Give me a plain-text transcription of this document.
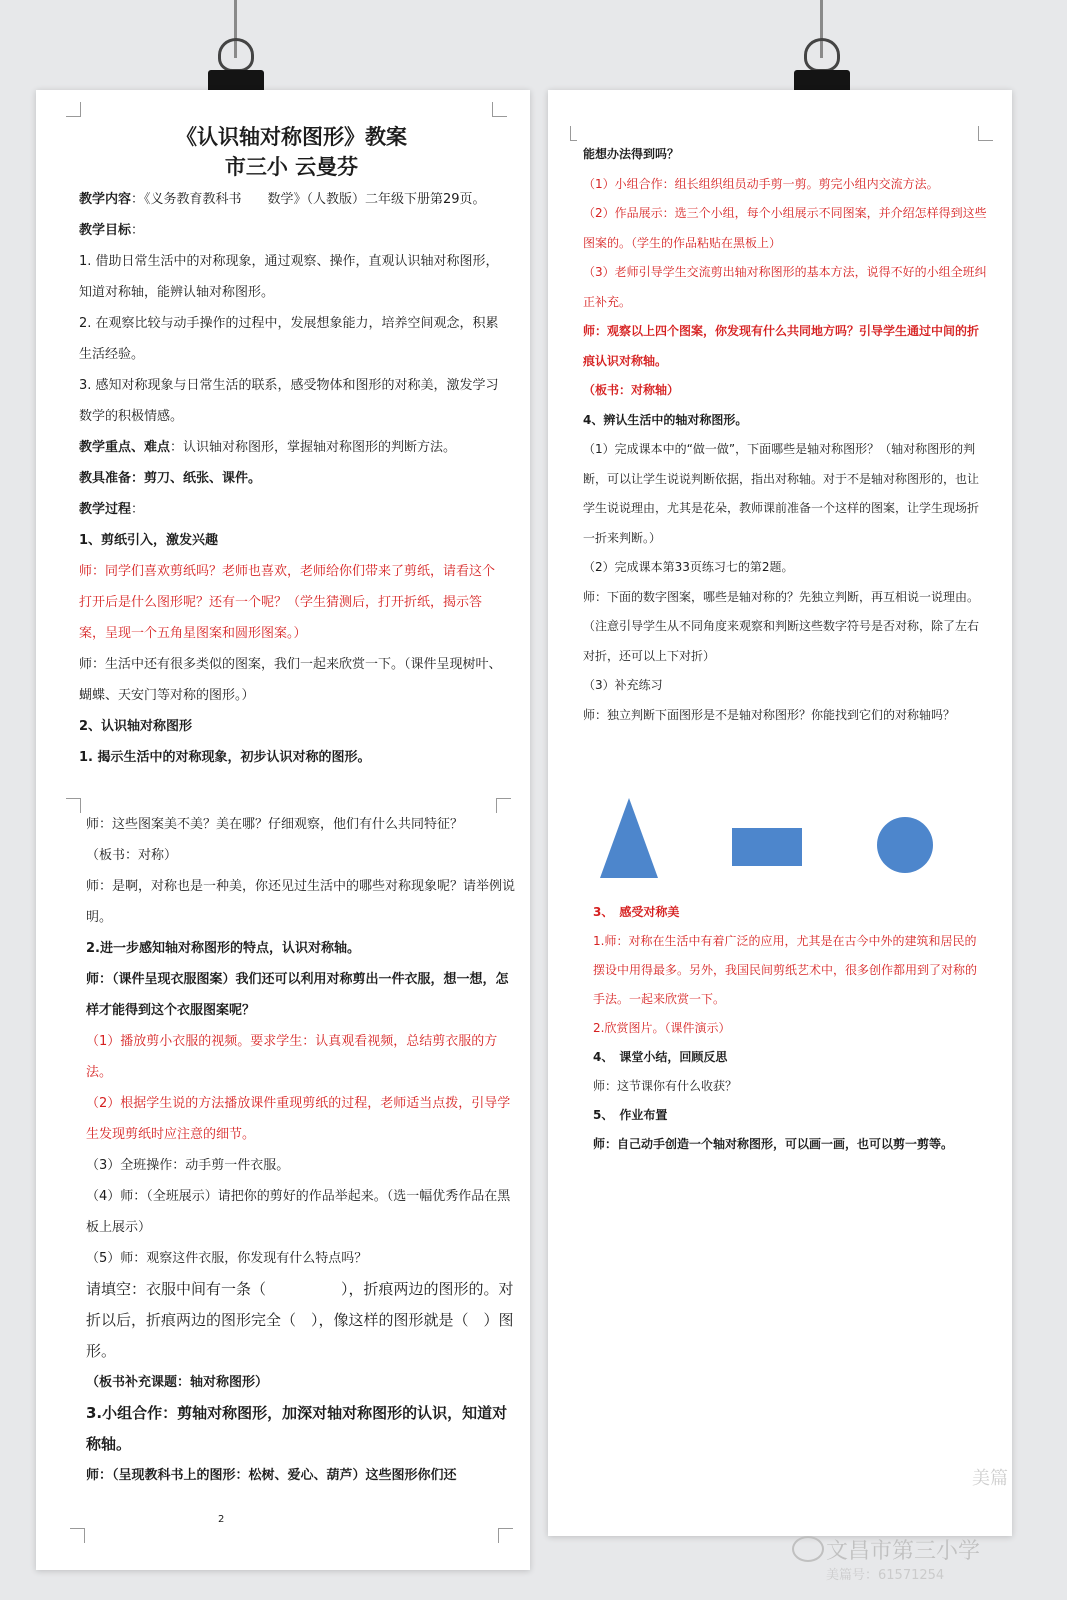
《认识轴对称图形》教案

市三小 云曼芬

教学内容：《义务教育教科书　　数学》（人教版）二年级下册第29页。

教学目标：

1. 借助日常生活中的对称现象，通过观察、操作，直观认识轴对称图形，知道对称轴，能辨认轴对称图形。

2. 在观察比较与动手操作的过程中，发展想象能力，培养空间观念，积累生活经验。

3. 感知对称现象与日常生活的联系，感受物体和图形的对称美，激发学习数学的积极情感。

教学重点、难点：认识轴对称图形，掌握轴对称图形的判断方法。

教具准备：剪刀、纸张、课件。

教学过程：

1、剪纸引入，激发兴趣

师：同学们喜欢剪纸吗？老师也喜欢，老师给你们带来了剪纸，请看这个打开后是什么图形呢？还有一个呢？（学生猜测后，打开折纸，揭示答案，呈现一个五角星图案和圆形图案。）

师：生活中还有很多类似的图案，我们一起来欣赏一下。（课件呈现树叶、蝴蝶、天安门等对称的图形。）

2、认识轴对称图形

1. 揭示生活中的对称现象，初步认识对称的图形。

师：这些图案美不美？美在哪？仔细观察，他们有什么共同特征？

（板书：对称）

师：是啊，对称也是一种美，你还见过生活中的哪些对称现象呢？请举例说明。

2.进一步感知轴对称图形的特点，认识对称轴。

师：（课件呈现衣服图案）我们还可以利用对称剪出一件衣服，想一想，怎样才能得到这个衣服图案呢？

（1）播放剪小衣服的视频。要求学生：认真观看视频，总结剪衣服的方法。

（2）根据学生说的方法播放课件重现剪纸的过程，老师适当点拨，引导学生发现剪纸时应注意的细节。

（3）全班操作：动手剪一件衣服。

（4）师：（全班展示）请把你的剪好的作品举起来。（选一幅优秀作品在黑板上展示）

（5）师：观察这件衣服，你发现有什么特点吗？

请填空：衣服中间有一条（　　　　　），折痕两边的图形的。对折以后，折痕两边的图形完全（　），像这样的图形就是（　）图形。

（板书补充课题：轴对称图形）

3.小组合作：剪轴对称图形，加深对轴对称图形的认识，知道对称轴。

师：（呈现教科书上的图形：松树、爱心、葫芦）这些图形你们还

2

能想办法得到吗？

（1）小组合作：组长组织组员动手剪一剪。剪完小组内交流方法。

（2）作品展示：选三个小组，每个小组展示不同图案，并介绍怎样得到这些图案的。（学生的作品粘贴在黑板上）

（3）老师引导学生交流剪出轴对称图形的基本方法，说得不好的小组全班纠正补充。

师：观察以上四个图案，你发现有什么共同地方吗？引导学生通过中间的折痕认识对称轴。

（板书：对称轴）

4、辨认生活中的轴对称图形。

（1）完成课本中的“做一做”，下面哪些是轴对称图形？（轴对称图形的判断，可以让学生说说判断依据，指出对称轴。对于不是轴对称图形的，也让学生说说理由，尤其是花朵，教师课前准备一个这样的图案，让学生现场折一折来判断。）

（2）完成课本第33页练习七的第2题。

师：下面的数字图案，哪些是轴对称的？先独立判断，再互相说一说理由。（注意引导学生从不同角度来观察和判断这些数字符号是否对称，除了左右对折，还可以上下对折）

（3）补充练习

师：独立判断下面图形是不是轴对称图形？你能找到它们的对称轴吗？

3、　感受对称美

1.师：对称在生活中有着广泛的应用，尤其是在古今中外的建筑和居民的摆设中用得最多。另外，我国民间剪纸艺术中，很多创作都用到了对称的手法。一起来欣赏一下。

2.欣赏图片。（课件演示）

4、　课堂小结，回顾反思

师：这节课你有什么收获？

5、　作业布置

师：自己动手创造一个轴对称图形，可以画一画，也可以剪一剪等。

美篇
文昌市第三小学
美篇号：61571254
